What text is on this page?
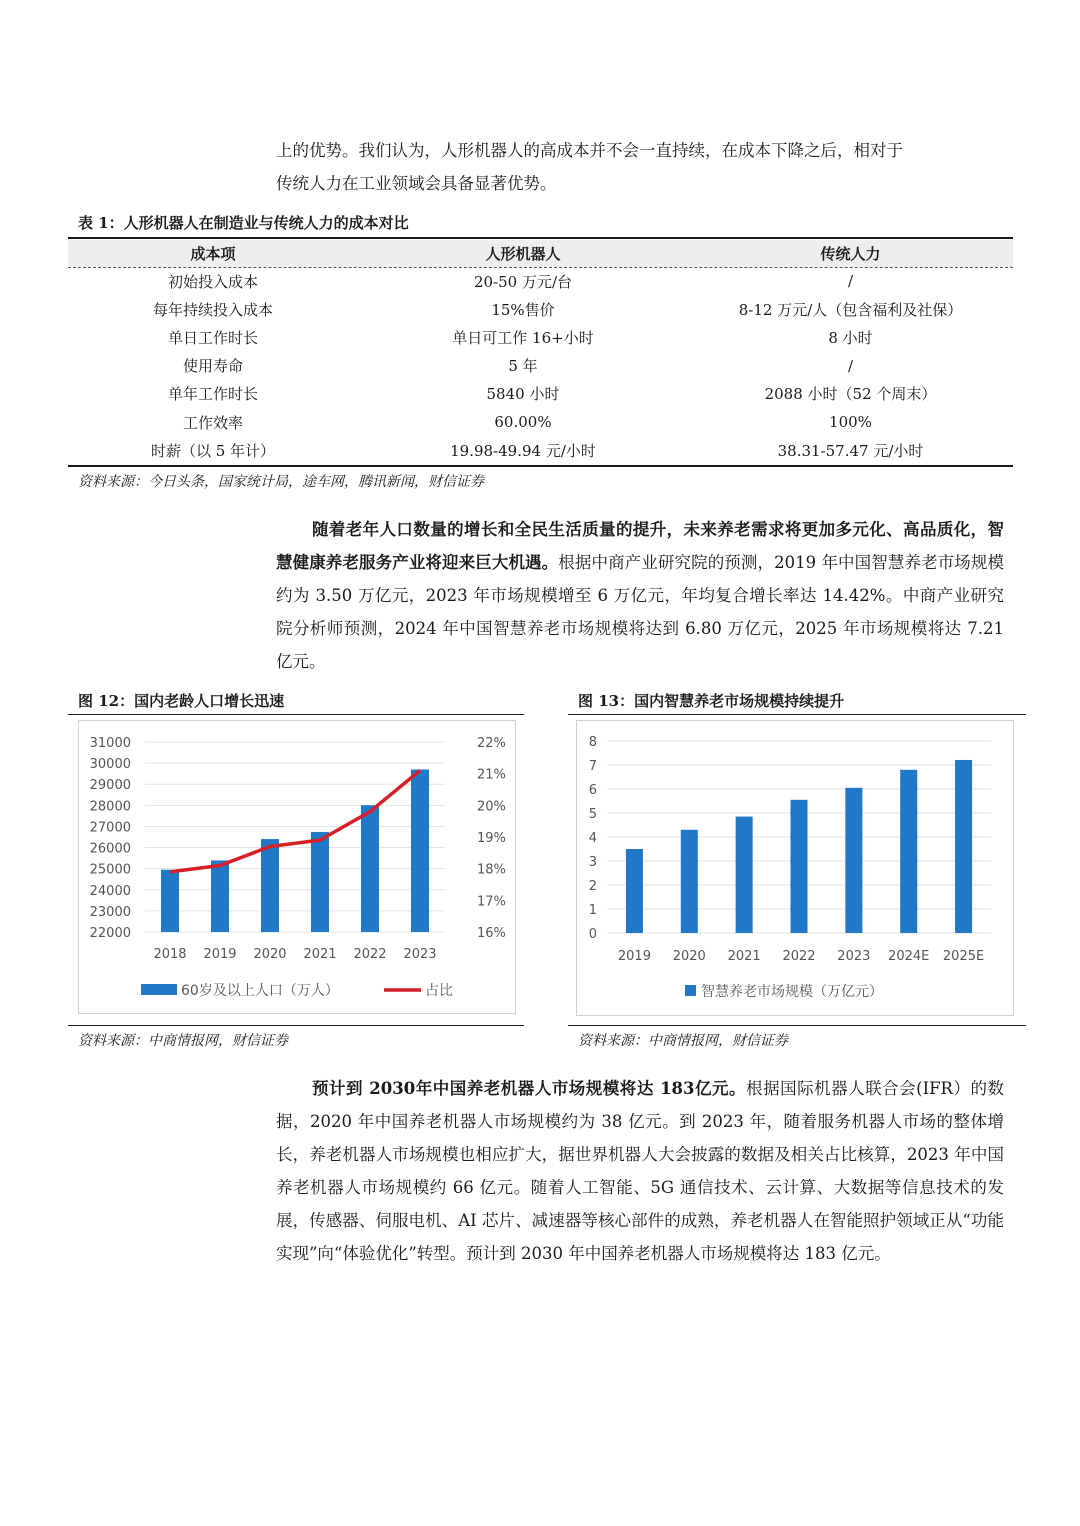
上的优势。我们认为，人形机器人的高成本并不会一直持续，在成本下降之后，相对于

传统人力在工业领域会具备显著优势。

表 1：人形机器人在制造业与传统人力的成本对比

成本项	人形机器人	传统人力
初始投入成本	20-50 万元/台	/
每年持续投入成本	15%售价	8-12 万元/人（包含福利及社保）
单日工作时长	单日可工作 16+小时	8 小时
使用寿命	5 年	/
单年工作时长	5840 小时	2088 小时（52 个周末）
工作效率	60.00%	100%
时薪（以 5 年计）	19.98-49.94 元/小时	38.31-57.47 元/小时

资料来源：今日头条，国家统计局，途车网，腾讯新闻，财信证券

随着老年人口数量的增长和全民生活质量的提升，未来养老需求将更加多元化、高品质化，智慧健康养老服务产业将迎来巨大机遇。根据中商产业研究院的预测，2019 年中国智慧养老市场规模约为 3.50 万亿元，2023 年市场规模增至 6 万亿元，年均复合增长率达 14.42%。中商产业研究院分析师预测，2024 年中国智慧养老市场规模将达到 6.80 万亿元，2025 年市场规模将达 7.21 亿元。

图 12：国内老龄人口增长迅速

31000
30000
29000
28000
27000
26000
25000
24000
23000
22000
22%
21%
20%
19%
18%
17%
16%
2018 2019 2020 2021 2022 2023
60岁及以上人口（万人）	占比

资料来源：中商情报网，财信证券

图 13：国内智慧养老市场规模持续提升

8
7
6
5
4
3
2
1
0
2019 2020 2021 2022 2023 2024E 2025E
智慧养老市场规模（万亿元）

资料来源：中商情报网，财信证券

预计到 2030年中国养老机器人市场规模将达 183亿元。根据国际机器人联合会(IFR）的数据，2020 年中国养老机器人市场规模约为 38 亿元。到 2023 年，随着服务机器人市场的整体增长，养老机器人市场规模也相应扩大，据世界机器人大会披露的数据及相关占比核算，2023 年中国养老机器人市场规模约 66 亿元。随着人工智能、5G 通信技术、云计算、大数据等信息技术的发展，传感器、伺服电机、AI 芯片、减速器等核心部件的成熟，养老机器人在智能照护领域正从“功能实现”向“体验优化”转型。预计到 2030 年中国养老机器人市场规模将达 183 亿元。
